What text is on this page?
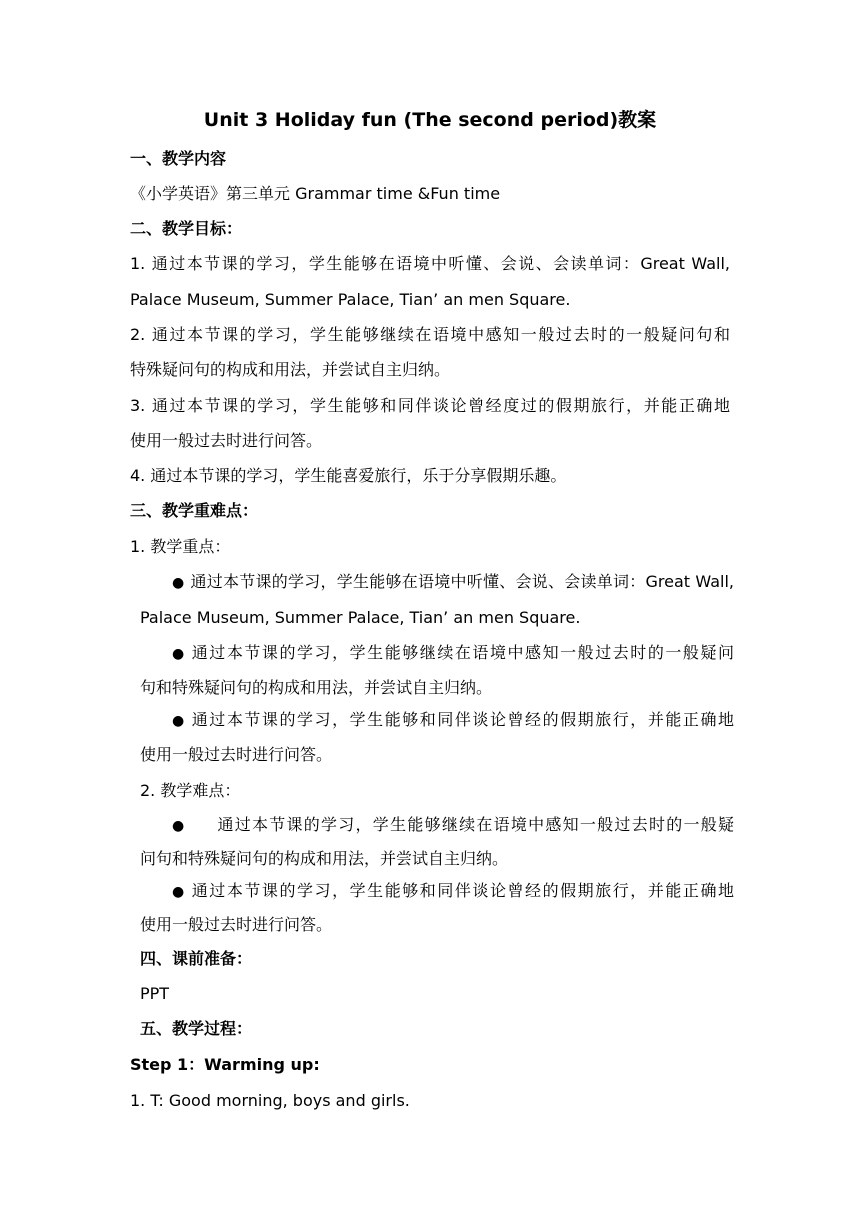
Unit 3 Holiday fun (The second period)教案
一、教学内容
《小学英语》第三单元 Grammar time &Fun time
二、教学目标：
1. 通过本节课的学习，学生能够在语境中听懂、会说、会读单词：Great Wall,
Palace Museum, Summer Palace, Tian’ an men Square.
2. 通过本节课的学习，学生能够继续在语境中感知一般过去时的一般疑问句和
特殊疑问句的构成和用法，并尝试自主归纳。
3. 通过本节课的学习，学生能够和同伴谈论曾经度过的假期旅行，并能正确地
使用一般过去时进行问答。
4. 通过本节课的学习，学生能喜爱旅行，乐于分享假期乐趣。
三、教学重难点：
1. 教学重点：
● 通过本节课的学习，学生能够在语境中听懂、会说、会读单词：Great Wall,
Palace Museum, Summer Palace, Tian’ an men Square.
● 通过本节课的学习，学生能够继续在语境中感知一般过去时的一般疑问
句和特殊疑问句的构成和用法，并尝试自主归纳。
● 通过本节课的学习，学生能够和同伴谈论曾经的假期旅行，并能正确地
使用一般过去时进行问答。
2. 教学难点：
● 通过本节课的学习，学生能够继续在语境中感知一般过去时的一般疑
问句和特殊疑问句的构成和用法，并尝试自主归纳。
● 通过本节课的学习，学生能够和同伴谈论曾经的假期旅行，并能正确地
使用一般过去时进行问答。
四、课前准备：
PPT
五、教学过程：
Step 1：Warming up:
1. T: Good morning, boys and girls.
